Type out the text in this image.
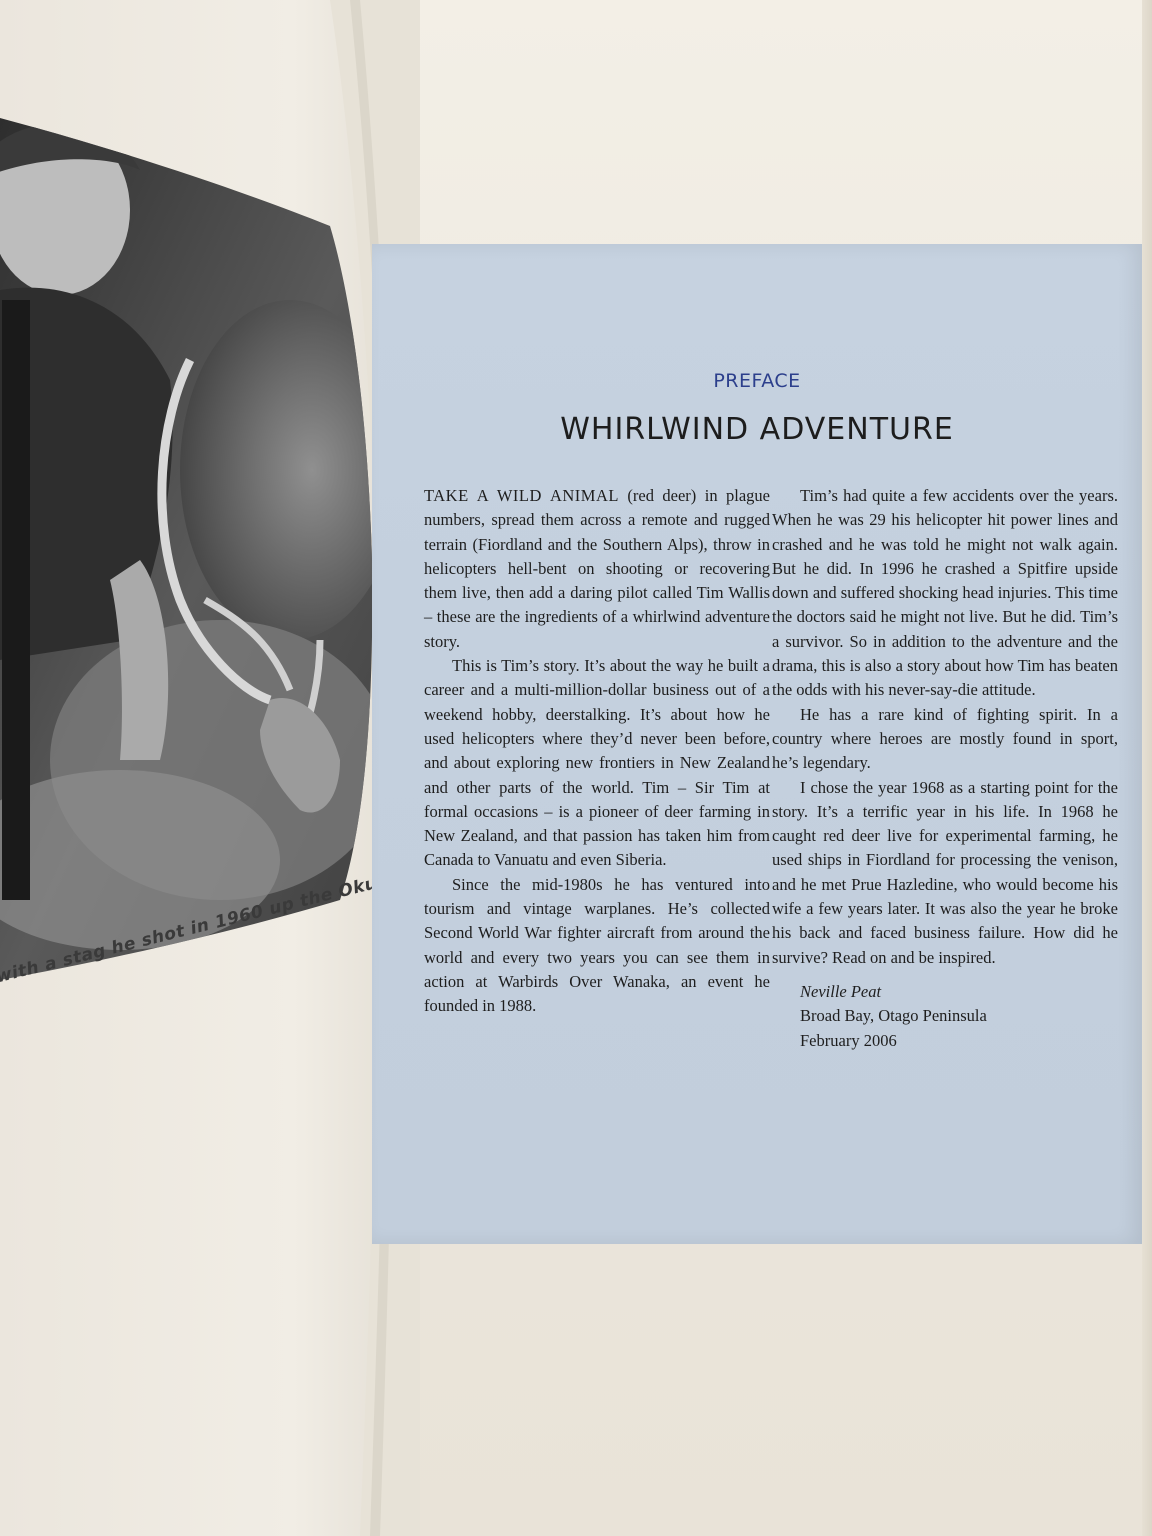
with a stag he shot in 1960 up the Okuru
PREFACE
WHIRLWIND ADVENTURE

TAKE A WILD ANIMAL (red deer) in plague numbers, spread them across a remote and rugged terrain (Fiordland and the Southern Alps), throw in helicopters hell-bent on shooting or recovering them live, then add a daring pilot called Tim Wallis – these are the ingredients of a whirlwind adventure story.

This is Tim’s story. It’s about the way he built a career and a multi-million-dollar business out of a weekend hobby, deerstalking. It’s about how he used helicopters where they’d never been before, and about exploring new frontiers in New Zealand and other parts of the world. Tim – Sir Tim at formal occasions – is a pioneer of deer farming in New Zealand, and that passion has taken him from Canada to Vanuatu and even Siberia.

Since the mid-1980s he has ventured into tourism and vintage warplanes. He’s collected Second World War fighter aircraft from around the world and every two years you can see them in action at Warbirds Over Wanaka, an event he founded in 1988.

Tim’s had quite a few accidents over the years. When he was 29 his helicopter hit power lines and crashed and he was told he might not walk again. But he did. In 1996 he crashed a Spitfire upside down and suffered shocking head injuries. This time the doctors said he might not live. But he did. Tim’s a survivor. So in addition to the adventure and the drama, this is also a story about how Tim has beaten the odds with his never-say-die attitude.

He has a rare kind of fighting spirit. In a country where heroes are mostly found in sport, he’s legendary.

I chose the year 1968 as a starting point for the story. It’s a terrific year in his life. In 1968 he caught red deer live for experimental farming, he used ships in Fiordland for processing the venison, and he met Prue Hazledine, who would become his wife a few years later. It was also the year he broke his back and faced business failure. How did he survive? Read on and be inspired.

Neville Peat
Broad Bay, Otago Peninsula
February 2006
